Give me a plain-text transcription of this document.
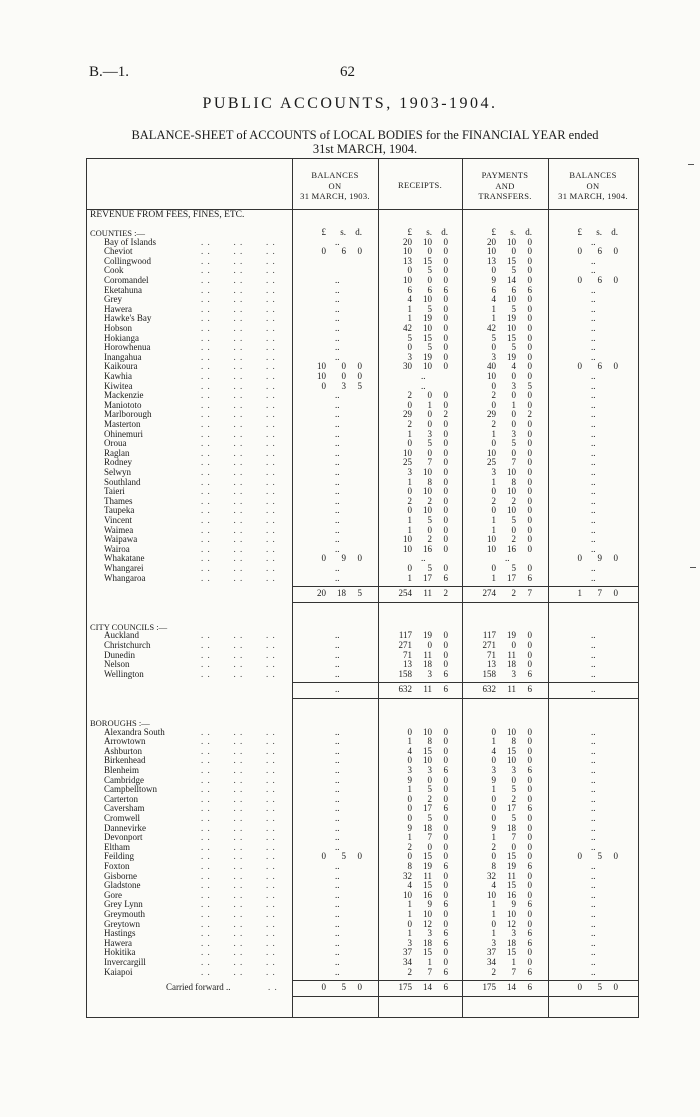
B.—1.	62
PUBLIC ACCOUNTS, 1903-1904.
BALANCE-SHEET of ACCOUNTS of LOCAL BODIES for the FINANCIAL YEAR ended
31st MARCH, 1904.
BALANCES
ON
31 MARCH, 1903.
RECEIPTS.
PAYMENTS
AND
TRANSFERS.
BALANCES
ON
31 MARCH, 1904.
REVENUE FROM FEES, FINES, ETC.
COUNTIES :—	£	s.	d.	£	s.	d.	£	s.	d.	£	s.	d.
Bay of Islands	. .       . .       . .	..	20	10	0	20	10	0	..
Cheviot	. .       . .       . .	0	6	0	10	0	0	10	0	0	0	6	0
Collingwood	. .       . .       . .	13	15	0	13	15	0	..
Cook	. .       . .       . .	0	5	0	0	5	0	..
Coromandel	. .       . .       . .	..	10	0	0	9	14	0	0	6	0
Eketahuna	. .       . .       . .	..	6	6	6	6	6	6	..
Grey	. .       . .       . .	..	4	10	0	4	10	0	..
Hawera	. .       . .       . .	..	1	5	0	1	5	0	..
Hawke's Bay	. .       . .       . .	..	1	19	0	1	19	0	..
Hobson	. .       . .       . .	..	42	10	0	42	10	0	..
Hokianga	. .       . .       . .	..	5	15	0	5	15	0	..
Horowhenua	. .       . .       . .	..	0	5	0	0	5	0	..
Inangahua	. .       . .       . .	..	3	19	0	3	19	0	..
Kaikoura	. .       . .       . .	10	0	0	30	10	0	40	4	0	0	6	0
Kawhia	. .       . .       . .	10	0	0	..	10	0	0	..
Kiwitea	. .       . .       . .	0	3	5	..	0	3	5	..
Mackenzie	. .       . .       . .	..	2	0	0	2	0	0	..
Maniototo	. .       . .       . .	..	0	1	0	0	1	0	..
Marlborough	. .       . .       . .	..	29	0	2	29	0	2	..
Masterton	. .       . .       . .	..	2	0	0	2	0	0	..
Ohinemuri	. .       . .       . .	..	1	3	0	1	3	0	..
Oroua	. .       . .       . .	..	0	5	0	0	5	0	..
Raglan	. .       . .       . .	..	10	0	0	10	0	0	..
Rodney	. .       . .       . .	..	25	7	0	25	7	0	..
Selwyn	. .       . .       . .	..	3	10	0	3	10	0	..
Southland	. .       . .       . .	..	1	8	0	1	8	0	..
Taieri	. .       . .       . .	..	0	10	0	0	10	0	..
Thames	. .       . .       . .	..	2	2	0	2	2	0	..
Taupeka	. .       . .       . .	..	0	10	0	0	10	0	..
Vincent	. .       . .       . .	..	1	5	0	1	5	0	..
Waimea	. .       . .       . .	..	1	0	0	1	0	0	..
Waipawa	. .       . .       . .	..	10	2	0	10	2	0	..
Wairoa	. .       . .       . .	..	10	16	0	10	16	0	..
Whakatane	. .       . .       . .	0	9	0	..	..	0	9	0
Whangarei	. .       . .       . .	..	0	5	0	0	5	0	..
Whangaroa	. .       . .       . .	..	1	17	6	1	17	6	..
20	18	5	254	11	2	274	2	7	1	7	0
CITY COUNCILS :—
Auckland	. .       . .       . .	..	117	19	0	117	19	0	..
Christchurch	. .       . .       . .	..	271	0	0	271	0	0	..
Dunedin	. .       . .       . .	..	71	11	0	71	11	0	..
Nelson	. .       . .       . .	..	13	18	0	13	18	0	..
Wellington	. .       . .       . .	..	158	3	6	158	3	6	..
..	632	11	6	632	11	6	..
BOROUGHS :—
Alexandra South	. .       . .       . .	..	0	10	0	0	10	0	..
Arrowtown	. .       . .       . .	..	1	8	0	1	8	0	..
Ashburton	. .       . .       . .	..	4	15	0	4	15	0	..
Birkenhead	. .       . .       . .	..	0	10	0	0	10	0	..
Blenheim	. .       . .       . .	..	3	3	6	3	3	6	..
Cambridge	. .       . .       . .	..	9	0	0	9	0	0	..
Campbelltown	. .       . .       . .	..	1	5	0	1	5	0	..
Carterton	. .       . .       . .	..	0	2	0	0	2	0	..
Caversham	. .       . .       . .	..	0	17	6	0	17	6	..
Cromwell	. .       . .       . .	..	0	5	0	0	5	0	..
Dannevirke	. .       . .       . .	..	9	18	0	9	18	0	..
Devonport	. .       . .       . .	..	1	7	0	1	7	0	..
Eltham	. .       . .       . .	..	2	0	0	2	0	0	..
Feilding	. .       . .       . .	0	5	0	0	15	0	0	15	0	0	5	0
Foxton	. .       . .       . .	..	8	19	6	8	19	6	..
Gisborne	. .       . .       . .	..	32	11	0	32	11	0	..
Gladstone	. .       . .       . .	..	4	15	0	4	15	0	..
Gore	. .       . .       . .	..	10	16	0	10	16	0	..
Grey Lynn	. .       . .       . .	..	1	9	6	1	9	6	..
Greymouth	. .       . .       . .	..	1	10	0	1	10	0	..
Greytown	. .       . .       . .	..	0	12	0	0	12	0	..
Hastings	. .       . .       . .	..	1	3	6	1	3	6	..
Hawera	. .       . .       . .	..	3	18	6	3	18	6	..
Hokitika	. .       . .       . .	..	37	15	0	37	15	0	..
Invercargill	. .       . .       . .	..	34	1	0	34	1	0	..
Kaiapoi	. .       . .       . .	..	2	7	6	2	7	6	..
Carried forward ..	. .	0	5	0	175	14	6	175	14	6	0	5	0
